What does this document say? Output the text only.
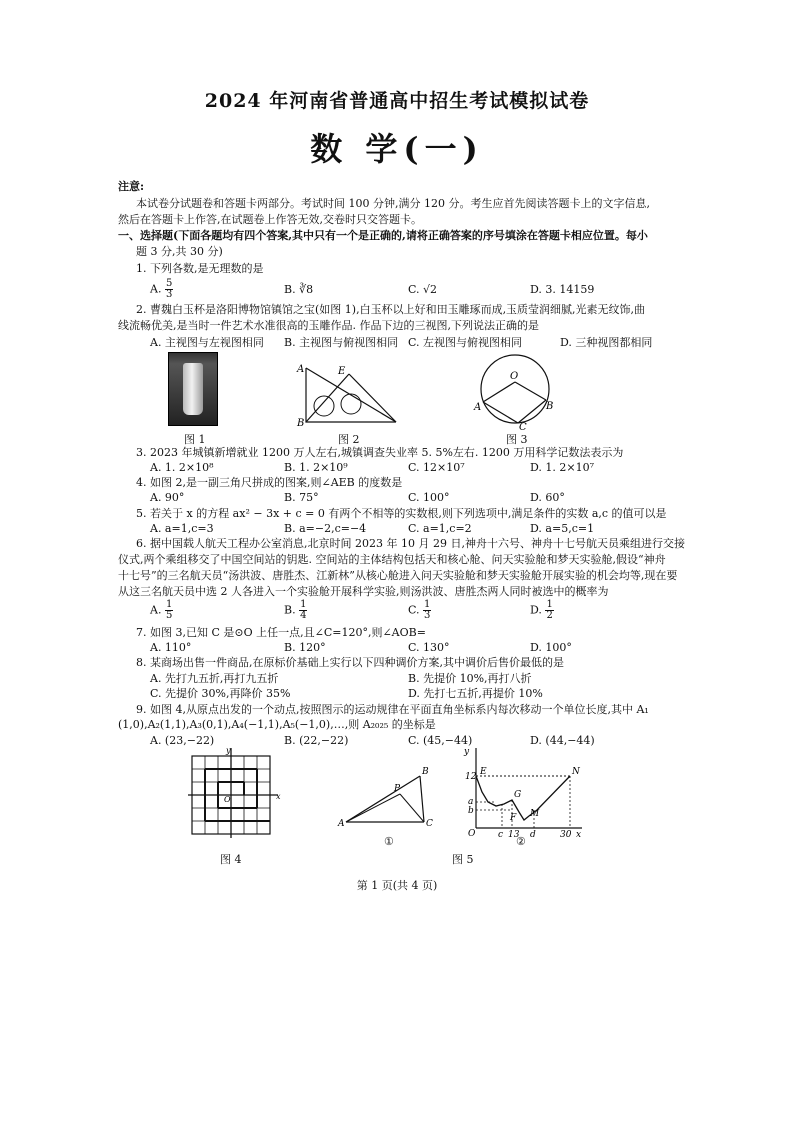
2024 年河南省普通高中招生考试模拟试卷
数 学(一)
注意:
本试卷分试题卷和答题卡两部分。考试时间 100 分钟,满分 120 分。考生应首先阅读答题卡上的文字信息,
然后在答题卡上作答,在试题卷上作答无效,交卷时只交答题卡。
一、选择题(下面各题均有四个答案,其中只有一个是正确的,请将正确答案的序号填涂在答题卡相应位置。每小
题 3 分,共 30 分)
1. 下列各数,是无理数的是
A. $\frac{5}{3}$	B. ∛8	C. √2	D. 3. 14159
2. 曹魏白玉杯是洛阳博物馆镇馆之宝(如图 1),白玉杯以上好和田玉雕琢而成,玉质莹润细腻,光素无纹饰,曲
线流畅优美,是当时一件艺术水准很高的玉雕作品. 作品下边的三视图,下列说法正确的是
A. 主视图与左视图相同 B. 主视图与俯视图相同 C. 左视图与俯视图相同	D. 三种视图都相同
图 1
A
B
E
图 2
O
A	B
C
图 3
3. 2023 年城镇新增就业 1200 万人左右,城镇调查失业率 5. 5%左右. 1200 万用科学记数法表示为
A. 1. 2×10⁸	B. 1. 2×10⁹	C. 12×10⁷	D. 1. 2×10⁷
4. 如图 2,是一副三角尺拼成的图案,则∠AEB 的度数是
A. 90°	B. 75°	C. 100°	D. 60°
5. 若关于 x 的方程 ax² − 3x + c = 0 有两个不相等的实数根,则下列选项中,满足条件的实数 a,c 的值可以是
A. a=1,c=3	B. a=−2,c=−4	C. a=1,c=2	D. a=5,c=1
6. 据中国载人航天工程办公室消息,北京时间 2023 年 10 月 29 日,神舟十六号、神舟十七号航天员乘组进行交接
仪式,两个乘组移交了中国空间站的钥匙. 空间站的主体结构包括天和核心舱、问天实验舱和梦天实验舱,假设“神舟
十七号”的三名航天员“汤洪波、唐胜杰、江新林”从核心舱进入问天实验舱和梦天实验舱开展实验的机会均等,现在要
从这三名航天员中选 2 人各进入一个实验舱开展科学实验,则汤洪波、唐胜杰两人同时被选中的概率为
A. $\frac{1}{5}$	B. $\frac{1}{4}$	C. $\frac{1}{3}$	D. $\frac{1}{2}$
7. 如图 3,已知 C 是⊙O 上任一点,且∠C=120°,则∠AOB=
A. 110°	B. 120°	C. 130°	D. 100°
8. 某商场出售一件商品,在原标价基础上实行以下四种调价方案,其中调价后售价最低的是
A. 先打九五折,再打九五折	B. 先提价 10%,再打八折
C. 先提价 30%,再降价 35%	D. 先打七五折,再提价 10%
9. 如图 4,从原点出发的一个动点,按照图示的运动规律在平面直角坐标系内每次移动一个单位长度,其中 A₁
(1,0),A₂(1,1),A₃(0,1),A₄(−1,1),A₅(−1,0),…,则 A₂₀₂₅ 的坐标是
A. (23,−22)	B. (22,−22)	C. (45,−44)	D. (44,−44)
O	x
y
图 4
A
B
C
P
①
y
12 E	N
a
b
G
F M
O	c 13 d	30 x
②
图 5
第 1 页(共 4 页)
